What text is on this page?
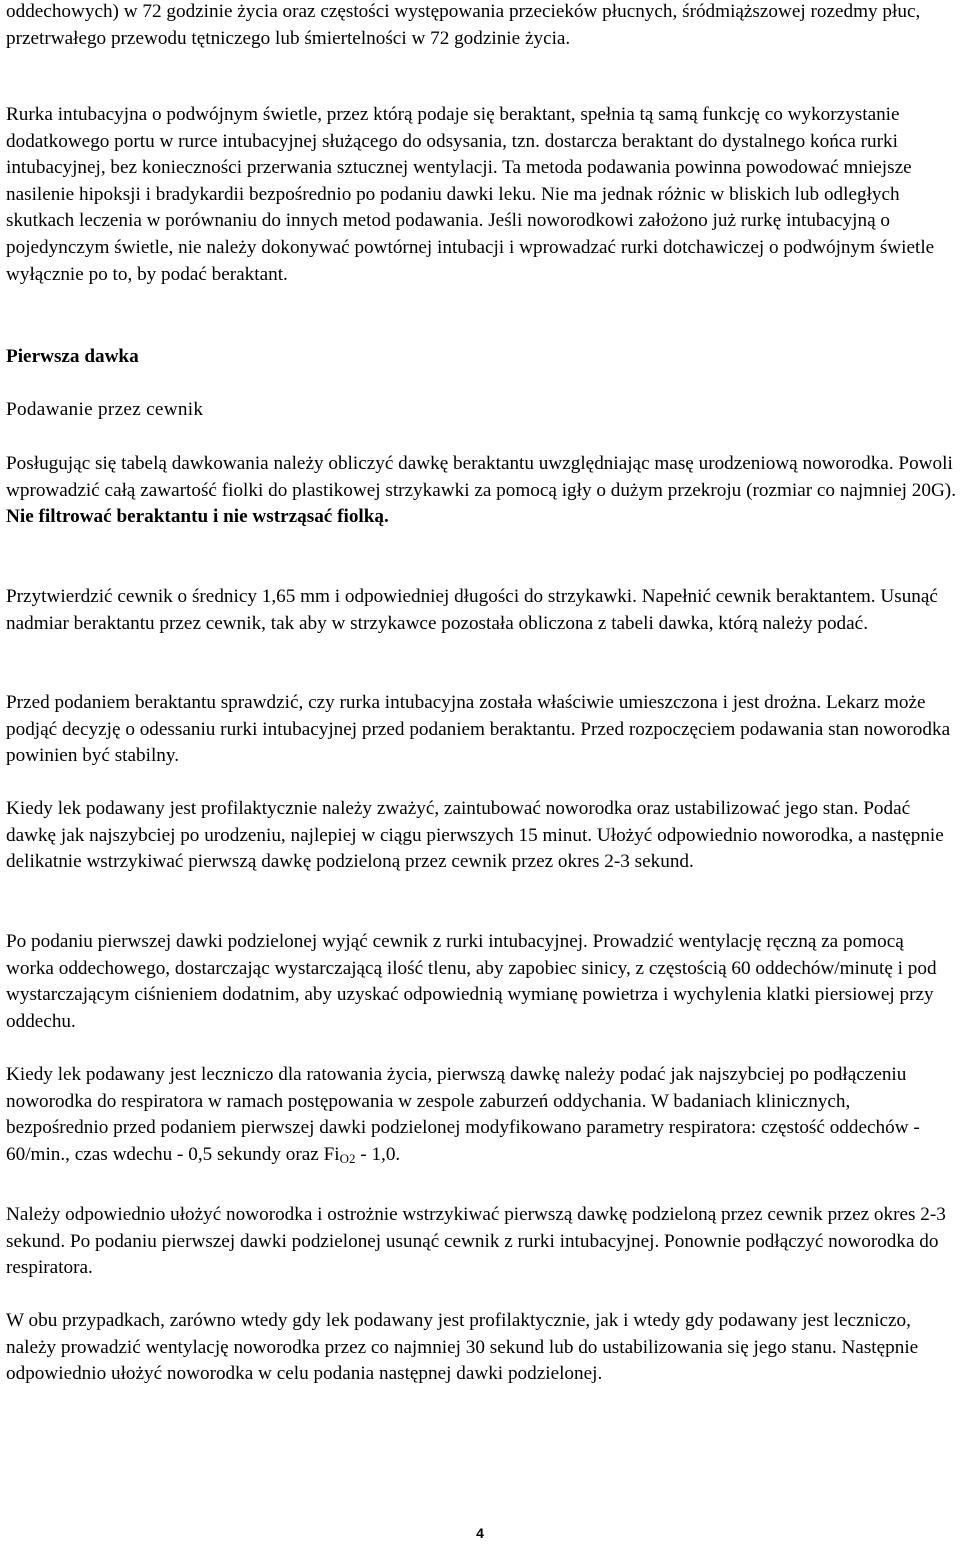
oddechowych) w 72 godzinie życia oraz częstości występowania przecieków płucnych, śródmiąższowej rozedmy płuc, przetrwałego przewodu tętniczego lub śmiertelności w 72 godzinie życia.

Rurka intubacyjna o podwójnym świetle, przez którą podaje się beraktant, spełnia tą samą funkcję co wykorzystanie dodatkowego portu w rurce intubacyjnej służącego do odsysania, tzn. dostarcza beraktant do dystalnego końca rurki intubacyjnej, bez konieczności przerwania sztucznej wentylacji. Ta metoda podawania powinna powodować mniejsze nasilenie hipoksji i bradykardii bezpośrednio po podaniu dawki leku. Nie ma jednak różnic w bliskich lub odległych skutkach leczenia w porównaniu do innych metod podawania. Jeśli noworodkowi założono już rurkę intubacyjną o pojedynczym świetle, nie należy dokonywać powtórnej intubacji i wprowadzać rurki dotchawiczej o podwójnym świetle wyłącznie po to, by podać beraktant.

Pierwsza dawka

Podawanie przez cewnik

Posługując się tabelą dawkowania należy obliczyć dawkę beraktantu uwzględniając masę urodzeniową noworodka. Powoli wprowadzić całą zawartość fiolki do plastikowej strzykawki za pomocą igły o dużym przekroju (rozmiar co najmniej 20G). Nie filtrować beraktantu i nie wstrząsać fiolką.

Przytwierdzić cewnik o średnicy 1,65 mm i odpowiedniej długości do strzykawki. Napełnić cewnik beraktantem. Usunąć nadmiar beraktantu przez cewnik, tak aby w strzykawce pozostała obliczona z tabeli dawka, którą należy podać.

Przed podaniem beraktantu sprawdzić, czy rurka intubacyjna została właściwie umieszczona i jest drożna. Lekarz może podjąć decyzję o odessaniu rurki intubacyjnej przed podaniem beraktantu. Przed rozpoczęciem podawania stan noworodka powinien być stabilny.

Kiedy lek podawany jest profilaktycznie należy zważyć, zaintubować noworodka oraz ustabilizować jego stan. Podać dawkę jak najszybciej po urodzeniu, najlepiej w ciągu pierwszych 15 minut. Ułożyć odpowiednio noworodka, a następnie delikatnie wstrzykiwać pierwszą dawkę podzieloną przez cewnik przez okres 2-3 sekund.

Po podaniu pierwszej dawki podzielonej wyjąć cewnik z rurki intubacyjnej. Prowadzić wentylację ręczną za pomocą worka oddechowego, dostarczając wystarczającą ilość tlenu, aby zapobiec sinicy, z częstością 60 oddechów/minutę i pod wystarczającym ciśnieniem dodatnim, aby uzyskać odpowiednią wymianę powietrza i wychylenia klatki piersiowej przy oddechu.

Kiedy lek podawany jest leczniczo dla ratowania życia, pierwszą dawkę należy podać jak najszybciej po podłączeniu noworodka do respiratora w ramach postępowania w zespole zaburzeń oddychania. W badaniach klinicznych, bezpośrednio przed podaniem pierwszej dawki podzielonej modyfikowano parametry respiratora: częstość oddechów - 60/min., czas wdechu - 0,5 sekundy oraz $Fi_{O2} - 1,0$.

Należy odpowiednio ułożyć noworodka i ostrożnie wstrzykiwać pierwszą dawkę podzieloną przez cewnik przez okres 2-3 sekund. Po podaniu pierwszej dawki podzielonej usunąć cewnik z rurki intubacyjnej. Ponownie podłączyć noworodka do respiratora.

W obu przypadkach, zarówno wtedy gdy lek podawany jest profilaktycznie, jak i wtedy gdy podawany jest leczniczo, należy prowadzić wentylację noworodka przez co najmniej 30 sekund lub do ustabilizowania się jego stanu. Następnie odpowiednio ułożyć noworodka w celu podania następnej dawki podzielonej.

4
